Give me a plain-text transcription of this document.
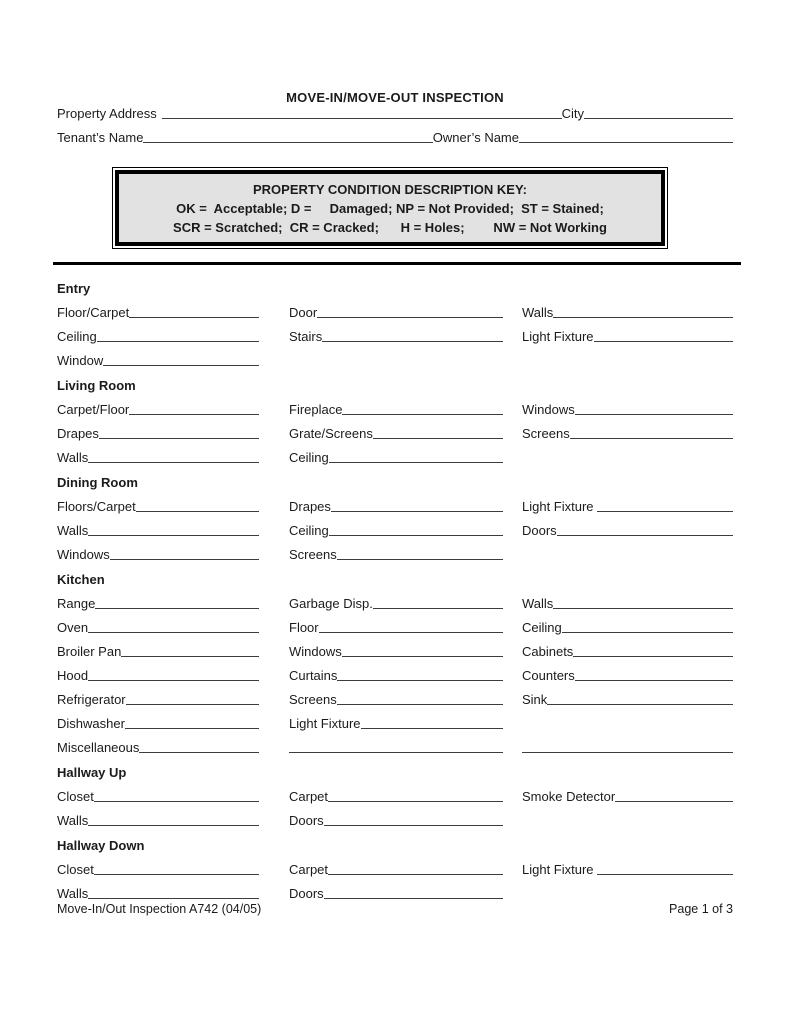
MOVE-IN/MOVE-OUT INSPECTION
Property Address	City
Tenant’s Name	Owner’s Name
PROPERTY CONDITION DESCRIPTION KEY:
OK =  Acceptable; D =     Damaged; NP = Not Provided;  ST = Stained;
SCR = Scratched;  CR = Cracked;      H = Holes;        NW = Not Working
Entry
Floor/Carpet	Door	Walls
Ceiling	Stairs	Light Fixture
Window
Living Room
Carpet/Floor	Fireplace	Windows
Drapes	Grate/Screens	Screens
Walls	Ceiling
Dining Room
Floors/Carpet	Drapes	Light Fixture
Walls	Ceiling	Doors
Windows	Screens
Kitchen
Range	Garbage Disp.	Walls
Oven	Floor	Ceiling
Broiler Pan	Windows	Cabinets
Hood	Curtains	Counters
Refrigerator	Screens	Sink
Dishwasher	Light Fixture
Miscellaneous
Hallway Up
Closet	Carpet	Smoke Detector
Walls	Doors
Hallway Down
Closet	Carpet	Light Fixture
Walls	Doors
Move-In/Out Inspection A742 (04/05)	Page 1 of 3
